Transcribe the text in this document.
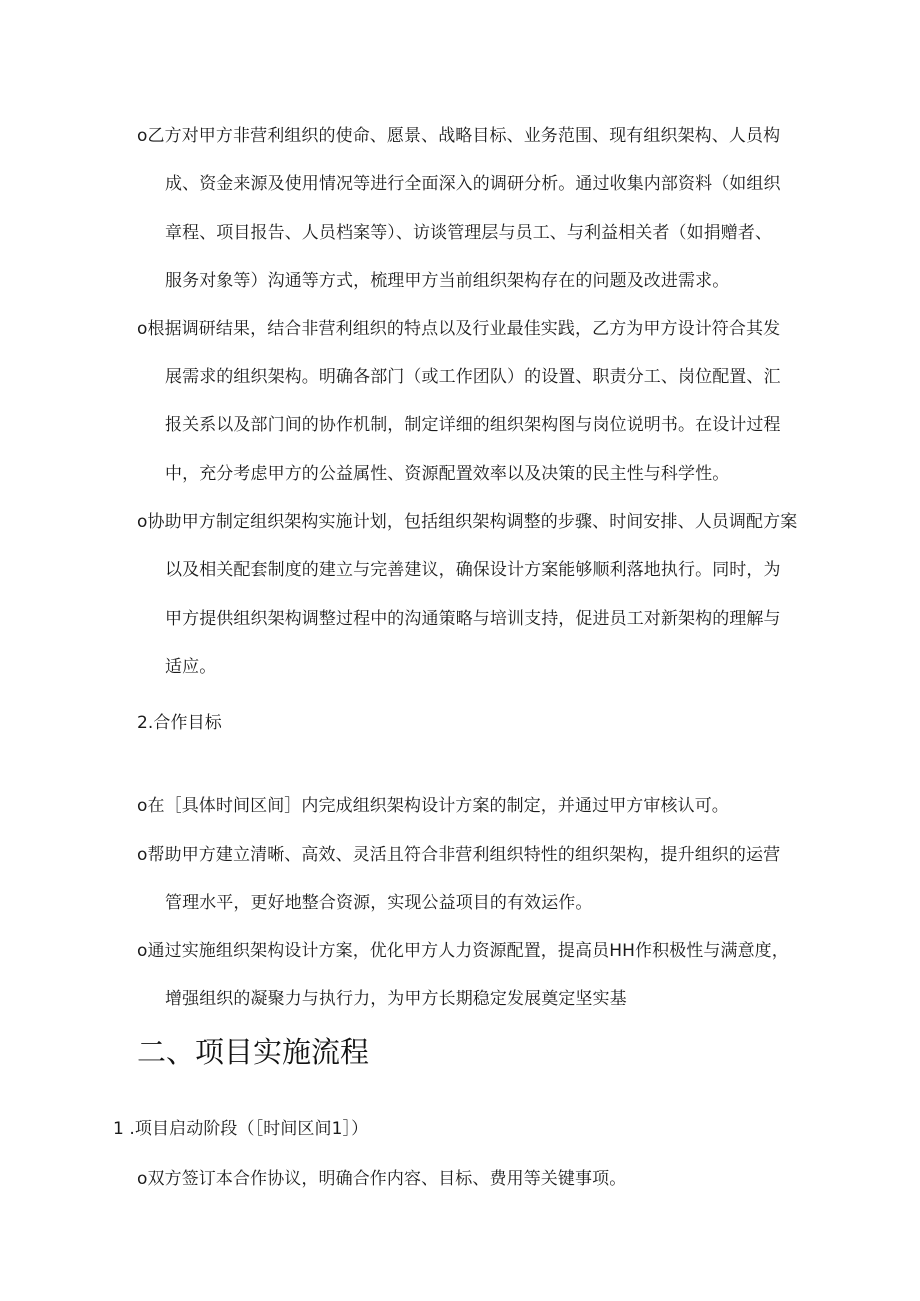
o乙方对甲方非营利组织的使命、愿景、战略目标、业务范围、现有组织架构、人员构
成、资金来源及使用情况等进行全面深入的调研分析。通过收集内部资料（如组织
章程、项目报告、人员档案等）、访谈管理层与员工、与利益相关者（如捐赠者、
服务对象等）沟通等方式，梳理甲方当前组织架构存在的问题及改进需求。
o根据调研结果，结合非营利组织的特点以及行业最佳实践，乙方为甲方设计符合其发
展需求的组织架构。明确各部门（或工作团队）的设置、职责分工、岗位配置、汇
报关系以及部门间的协作机制，制定详细的组织架构图与岗位说明书。在设计过程
中，充分考虑甲方的公益属性、资源配置效率以及决策的民主性与科学性。
o协助甲方制定组织架构实施计划，包括组织架构调整的步骤、时间安排、人员调配方案
以及相关配套制度的建立与完善建议，确保设计方案能够顺利落地执行。同时，为
甲方提供组织架构调整过程中的沟通策略与培训支持，促进员工对新架构的理解与
适应。
2.合作目标
o在［具体时间区间］内完成组织架构设计方案的制定，并通过甲方审核认可。
o帮助甲方建立清晰、高效、灵活且符合非营利组织特性的组织架构，提升组织的运营
管理水平，更好地整合资源，实现公益项目的有效运作。
o通过实施组织架构设计方案，优化甲方人力资源配置，提高员HH作积极性与满意度，
增强组织的凝聚力与执行力，为甲方长期稳定发展奠定坚实基
二、项目实施流程
1 .项目启动阶段（［时间区间1］）
o双方签订本合作协议，明确合作内容、目标、费用等关键事项。
